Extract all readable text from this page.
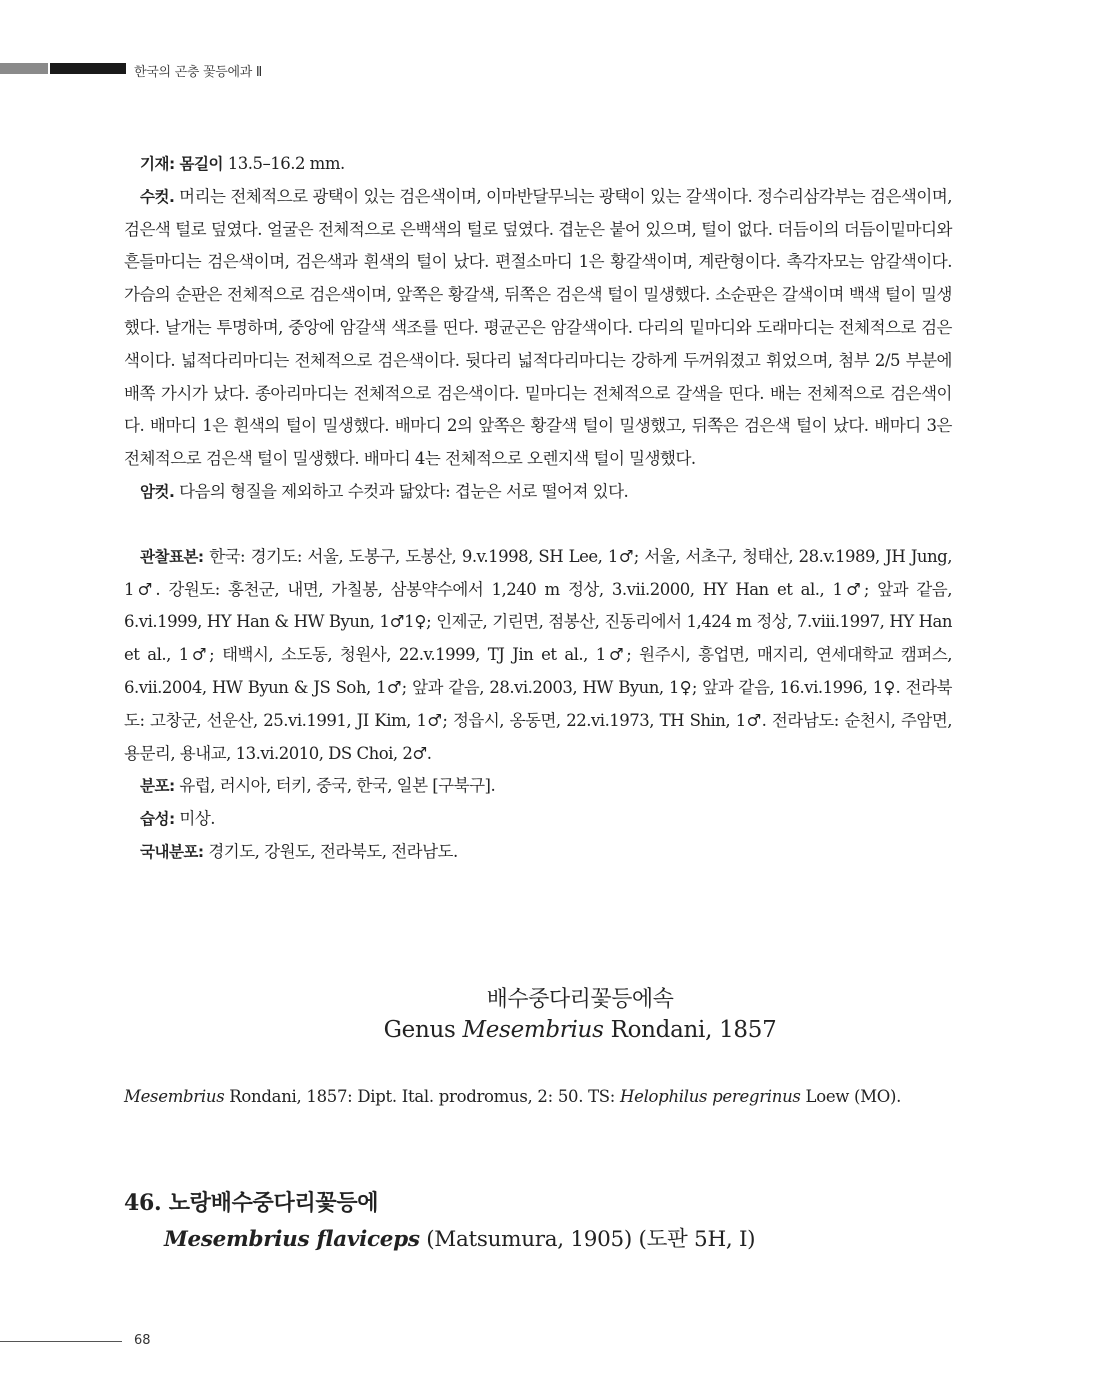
한국의 곤충 꽃등에과 Ⅱ

기재: 몸길이 13.5–16.2 mm.

수컷. 머리는 전체적으로 광택이 있는 검은색이며, 이마반달무늬는 광택이 있는 갈색이다. 정수리삼각부는 검은색이며, 검은색 털로 덮였다. 얼굴은 전체적으로 은백색의 털로 덮였다. 겹눈은 붙어 있으며, 털이 없다. 더듬이의 더듬이밑마디와 흔들마디는 검은색이며, 검은색과 흰색의 털이 났다. 편절소마디 1은 황갈색이며, 계란형이다. 촉각자모는 암갈색이다. 가슴의 순판은 전체적으로 검은색이며, 앞쪽은 황갈색, 뒤쪽은 검은색 털이 밀생했다. 소순판은 갈색이며 백색 털이 밀생했다. 날개는 투명하며, 중앙에 암갈색 색조를 띤다. 평균곤은 암갈색이다. 다리의 밑마디와 도래마디는 전체적으로 검은색이다. 넓적다리마디는 전체적으로 검은색이다. 뒷다리 넓적다리마디는 강하게 두꺼워졌고 휘었으며, 첨부 2/5 부분에 배쪽 가시가 났다. 종아리마디는 전체적으로 검은색이다. 밑마디는 전체적으로 갈색을 띤다. 배는 전체적으로 검은색이다. 배마디 1은 흰색의 털이 밀생했다. 배마디 2의 앞쪽은 황갈색 털이 밀생했고, 뒤쪽은 검은색 털이 났다. 배마디 3은 전체적으로 검은색 털이 밀생했다. 배마디 4는 전체적으로 오렌지색 털이 밀생했다.

암컷. 다음의 형질을 제외하고 수컷과 닮았다: 겹눈은 서로 떨어져 있다.

관찰표본: 한국: 경기도: 서울, 도봉구, 도봉산, 9.v.1998, SH Lee, 1♂; 서울, 서초구, 청태산, 28.v.1989, JH Jung, 1♂. 강원도: 홍천군, 내면, 가칠봉, 삼봉약수에서 1,240 m 정상, 3.vii.2000, HY Han et al., 1♂; 앞과 같음, 6.vi.1999, HY Han & HW Byun, 1♂1♀; 인제군, 기린면, 점봉산, 진동리에서 1,424 m 정상, 7.viii.1997, HY Han et al., 1♂; 태백시, 소도동, 청원사, 22.v.1999, TJ Jin et al., 1♂; 원주시, 흥업면, 매지리, 연세대학교 캠퍼스, 6.vii.2004, HW Byun & JS Soh, 1♂; 앞과 같음, 28.vi.2003, HW Byun, 1♀; 앞과 같음, 16.vi.1996, 1♀. 전라북도: 고창군, 선운산, 25.vi.1991, JI Kim, 1♂; 정읍시, 옹동면, 22.vi.1973, TH Shin, 1♂. 전라남도: 순천시, 주암면, 용문리, 용내교, 13.vi.2010, DS Choi, 2♂.

분포: 유럽, 러시아, 터키, 중국, 한국, 일본 [구북구].

습성: 미상.

국내분포: 경기도, 강원도, 전라북도, 전라남도.

배수중다리꽃등에속
Genus Mesembrius Rondani, 1857
Mesembrius Rondani, 1857: Dipt. Ital. prodromus, 2: 50. TS: Helophilus peregrinus Loew (MO).
46. 노랑배수중다리꽃등에
Mesembrius flaviceps (Matsumura, 1905) (도판 5H, I)
68
